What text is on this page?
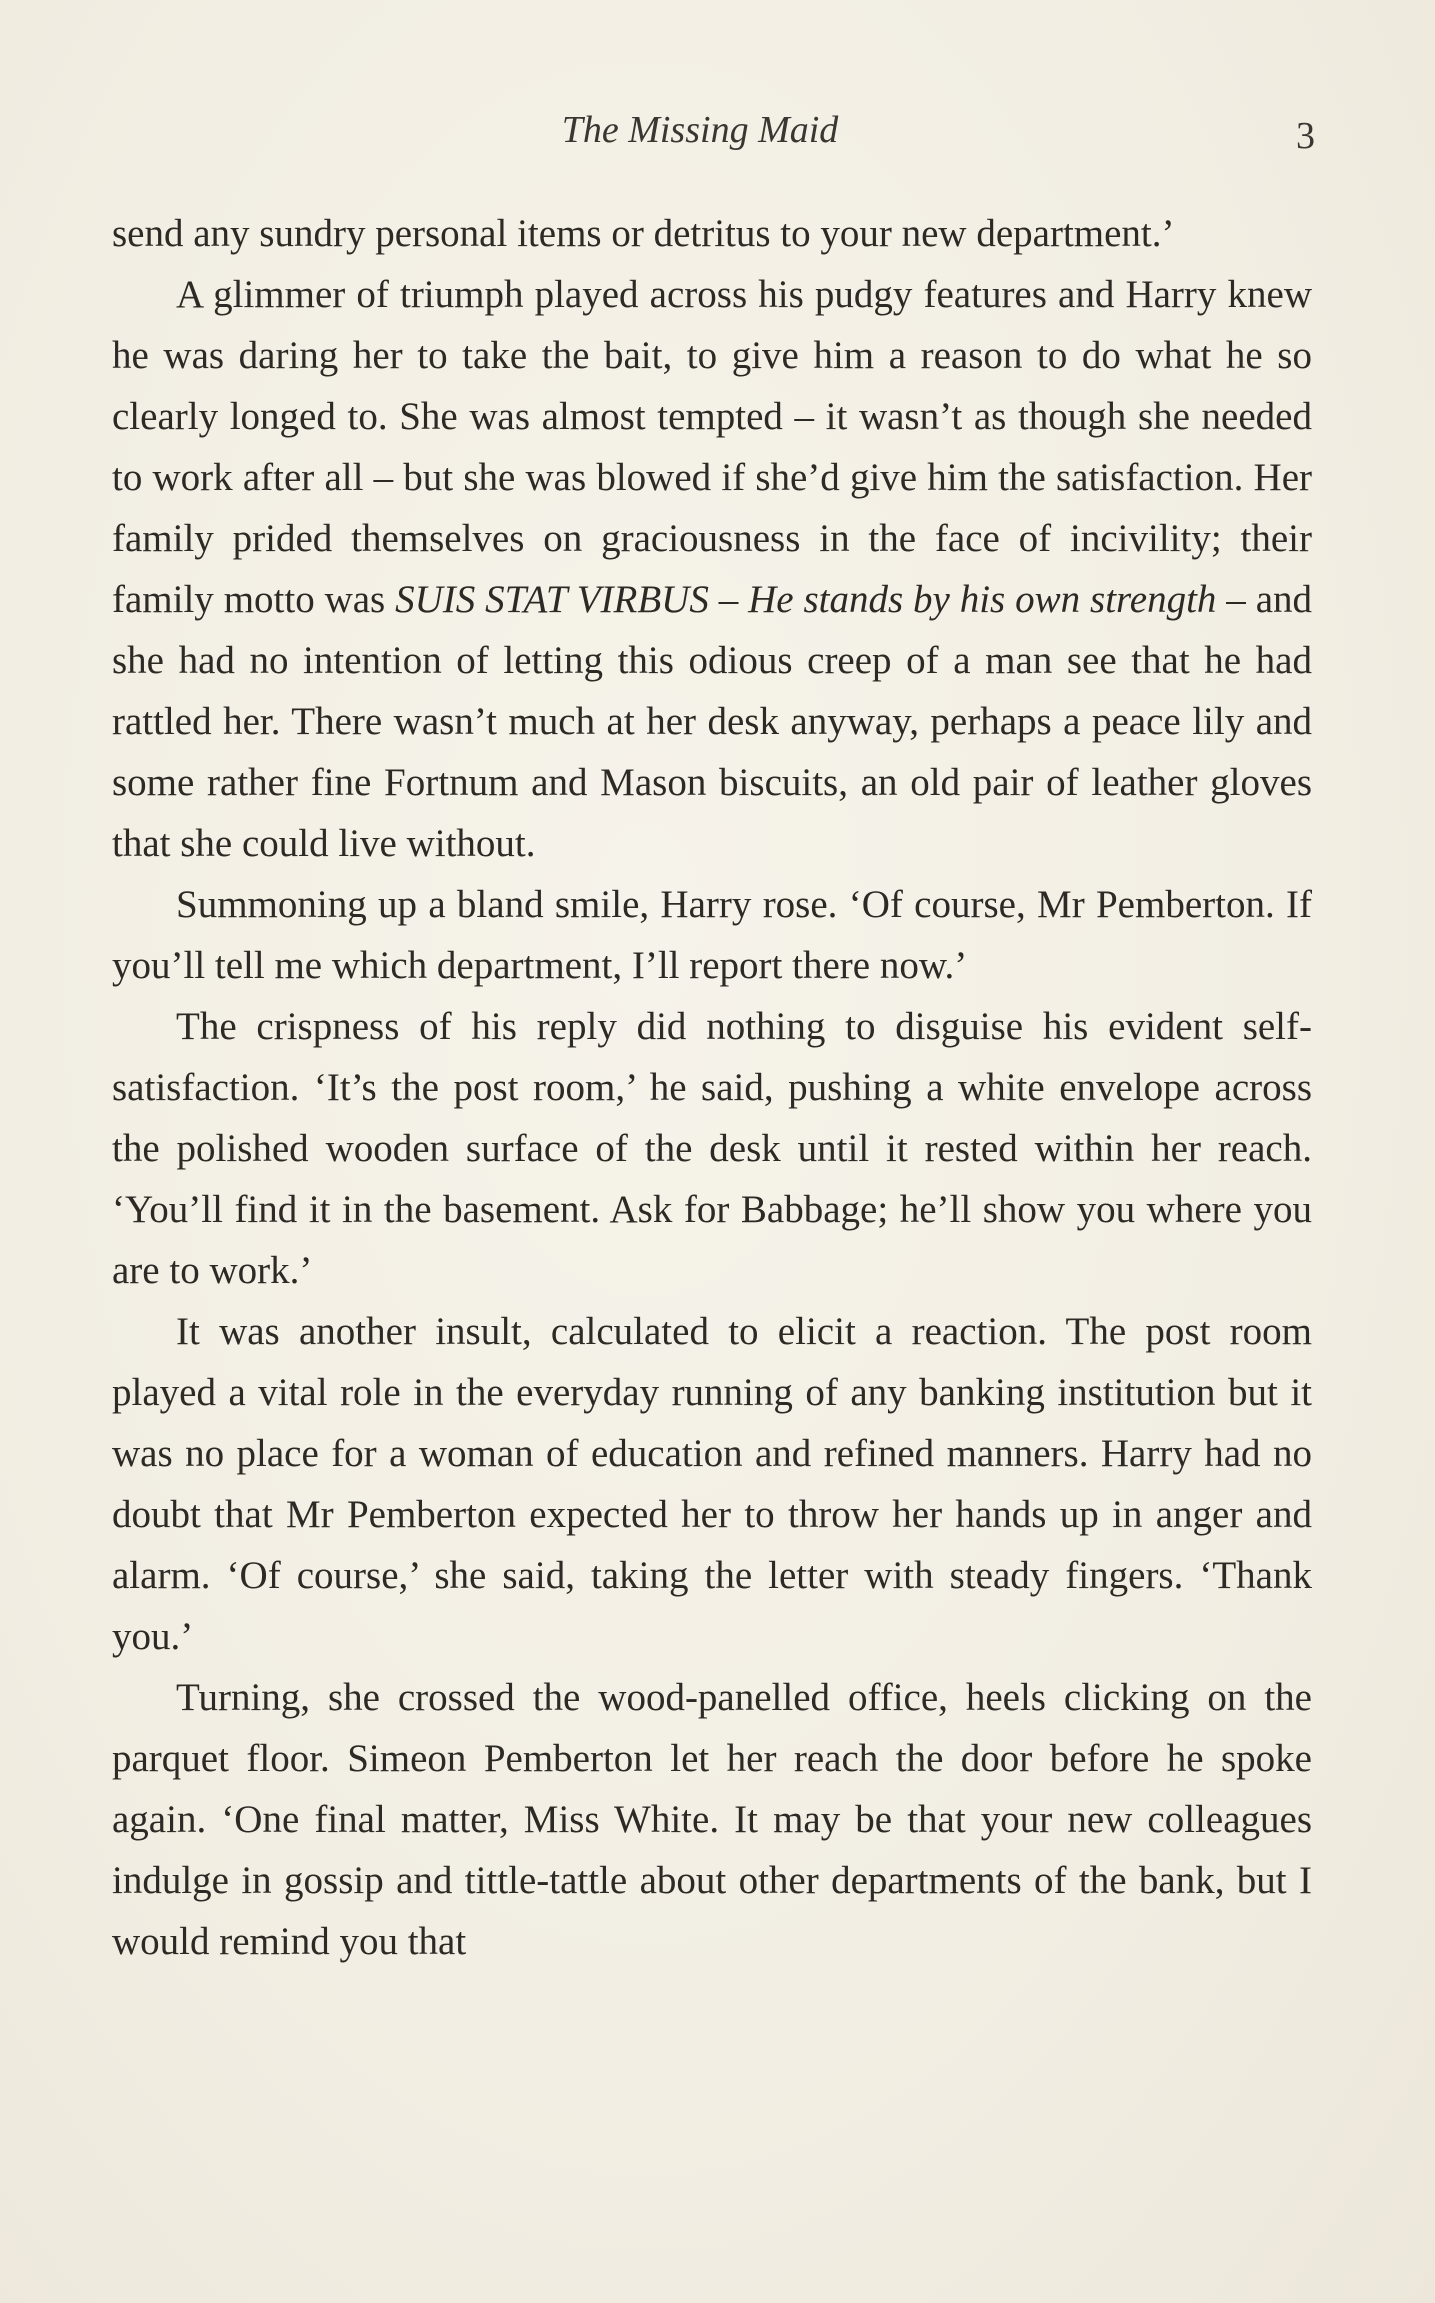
The Missing Maid	3

send any sundry personal items or detritus to your new department.’

A glimmer of triumph played across his pudgy features and Harry knew he was daring her to take the bait, to give him a reason to do what he so clearly longed to. She was almost tempted – it wasn’t as though she needed to work after all – but she was blowed if she’d give him the satisfaction. Her family prided themselves on graciousness in the face of incivility; their family motto was SUIS STAT VIRBUS – He stands by his own strength – and she had no intention of letting this odious creep of a man see that he had rattled her. There wasn’t much at her desk anyway, perhaps a peace lily and some rather fine Fortnum and Mason biscuits, an old pair of leather gloves that she could live without.

Summoning up a bland smile, Harry rose. ‘Of course, Mr Pemberton. If you’ll tell me which department, I’ll report there now.’

The crispness of his reply did nothing to disguise his evident self-satisfaction. ‘It’s the post room,’ he said, pushing a white envelope across the polished wooden surface of the desk until it rested within her reach. ‘You’ll find it in the basement. Ask for Babbage; he’ll show you where you are to work.’

It was another insult, calculated to elicit a reaction. The post room played a vital role in the everyday running of any banking institution but it was no place for a woman of education and refined manners. Harry had no doubt that Mr Pemberton expected her to throw her hands up in anger and alarm. ‘Of course,’ she said, taking the letter with steady fingers. ‘Thank you.’

Turning, she crossed the wood-panelled office, heels clicking on the parquet floor. Simeon Pemberton let her reach the door before he spoke again. ‘One final matter, Miss White. It may be that your new colleagues indulge in gossip and tittle-tattle about other departments of the bank, but I would remind you that
